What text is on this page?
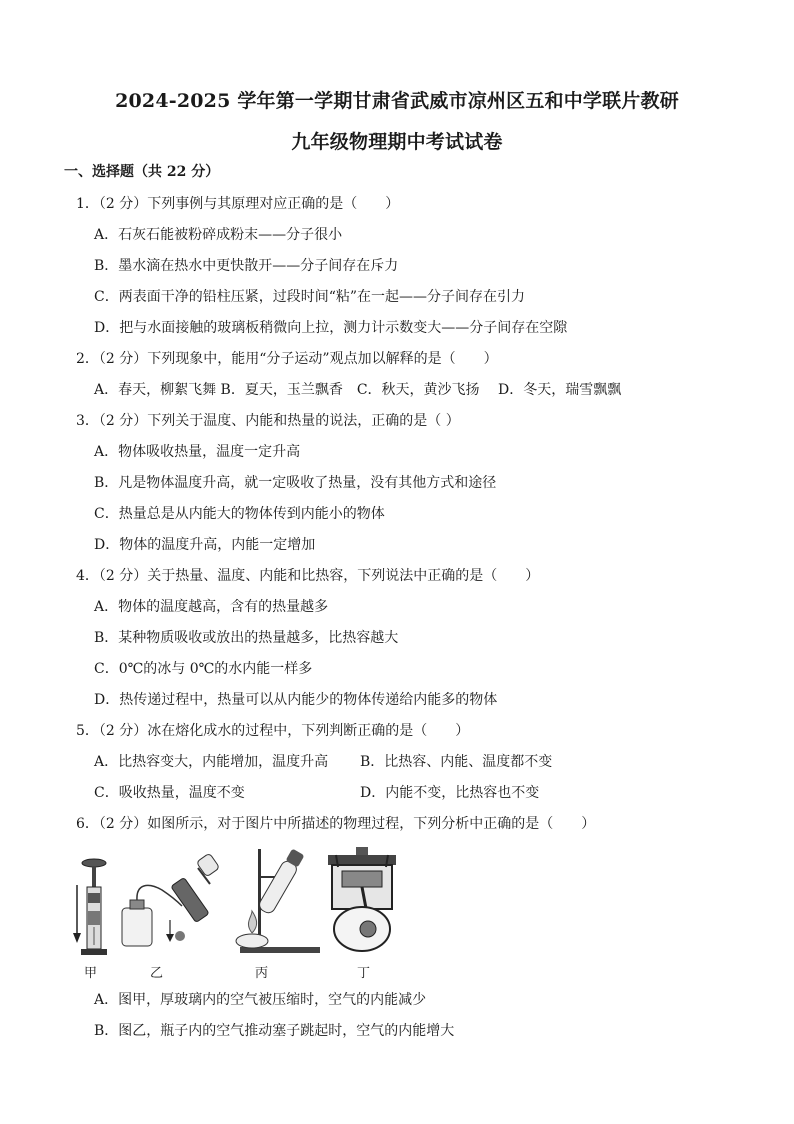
2024-2025 学年第一学期甘肃省武威市凉州区五和中学联片教研
九年级物理期中考试试卷
一、选择题（共 22 分）
1．（2 分）下列事例与其原理对应正确的是（　　）
A．石灰石能被粉碎成粉末——分子很小
B．墨水滴在热水中更快散开——分子间存在斥力
C．两表面干净的铅柱压紧，过段时间“粘”在一起——分子间存在引力
D．把与水面接触的玻璃板稍微向上拉，测力计示数变大——分子间存在空隙
2．（2 分）下列现象中，能用“分子运动”观点加以解释的是（　　）
A．春天，柳絮飞舞 B．夏天，玉兰飘香　C．秋天，黄沙飞扬　 D．冬天，瑞雪飘飘
3．（2 分）下列关于温度、内能和热量的说法，正确的是（ ）
A．物体吸收热量，温度一定升高
B．凡是物体温度升高，就一定吸收了热量，没有其他方式和途径
C．热量总是从内能大的物体传到内能小的物体
D．物体的温度升高，内能一定增加
4．（2 分）关于热量、温度、内能和比热容，下列说法中正确的是（　　）
A．物体的温度越高，含有的热量越多
B．某种物质吸收或放出的热量越多，比热容越大
C．0℃的冰与 0℃的水内能一样多
D．热传递过程中，热量可以从内能少的物体传递给内能多的物体
5．（2 分）冰在熔化成水的过程中，下列判断正确的是（　　）
A．比热容变大，内能增加，温度升高 B．比热容、内能、温度都不变
C．吸收热量，温度不变	D．内能不变，比热容也不变
6．（2 分）如图所示，对于图片中所描述的物理过程，下列分析中正确的是（　　）
甲	乙	丙	丁
A．图甲，厚玻璃内的空气被压缩时，空气的内能减少
B．图乙，瓶子内的空气推动塞子跳起时，空气的内能增大
